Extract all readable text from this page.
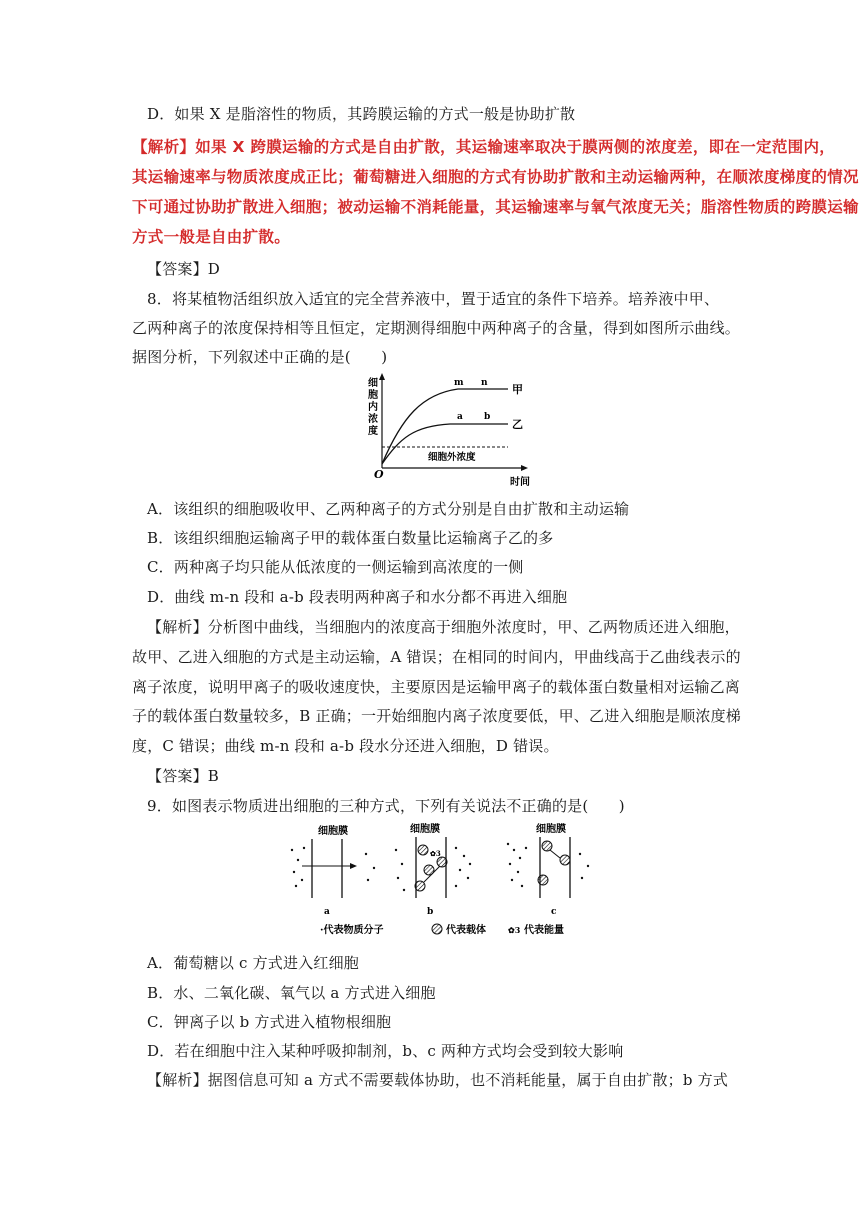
D．如果 X 是脂溶性的物质，其跨膜运输的方式一般是协助扩散
【解析】如果 X 跨膜运输的方式是自由扩散，其运输速率取决于膜两侧的浓度差，即在一定范围内，
其运输速率与物质浓度成正比；葡萄糖进入细胞的方式有协助扩散和主动运输两种，在顺浓度梯度的情况
下可通过协助扩散进入细胞；被动运输不消耗能量，其运输速率与氧气浓度无关；脂溶性物质的跨膜运输
方式一般是自由扩散。
【答案】D
8．将某植物活组织放入适宜的完全营养液中，置于适宜的条件下培养。培养液中甲、
乙两种离子的浓度保持相等且恒定，定期测得细胞中两种离子的含量，得到如图所示曲线。
据图分析，下列叙述中正确的是(　　)
细
胞
内
浓
度
O
时间
细胞外浓度
甲
m n
乙
a b
A．该组织的细胞吸收甲、乙两种离子的方式分别是自由扩散和主动运输
B．该组织细胞运输离子甲的载体蛋白数量比运输离子乙的多
C．两种离子均只能从低浓度的一侧运输到高浓度的一侧
D．曲线 m-n 段和 a-b 段表明两种离子和水分都不再进入细胞
【解析】分析图中曲线，当细胞内的浓度高于细胞外浓度时，甲、乙两物质还进入细胞，
故甲、乙进入细胞的方式是主动运输，A 错误；在相同的时间内，甲曲线高于乙曲线表示的
离子浓度，说明甲离子的吸收速度快，主要原因是运输甲离子的载体蛋白数量相对运输乙离
子的载体蛋白数量较多，B 正确；一开始细胞内离子浓度要低，甲、乙进入细胞是顺浓度梯
度，C 错误；曲线 m-n 段和 a-b 段水分还进入细胞，D 错误。
【答案】B
9．如图表示物质进出细胞的三种方式，下列有关说法不正确的是(　　)
细胞膜
a
细胞膜
✿3
b
细胞膜
c
·代表物质分子	代表载体	✿3 代表能量
A．葡萄糖以 c 方式进入红细胞
B．水、二氧化碳、氧气以 a 方式进入细胞
C．钾离子以 b 方式进入植物根细胞
D．若在细胞中注入某种呼吸抑制剂，b、c 两种方式均会受到较大影响
【解析】据图信息可知 a 方式不需要载体协助，也不消耗能量，属于自由扩散；b 方式
